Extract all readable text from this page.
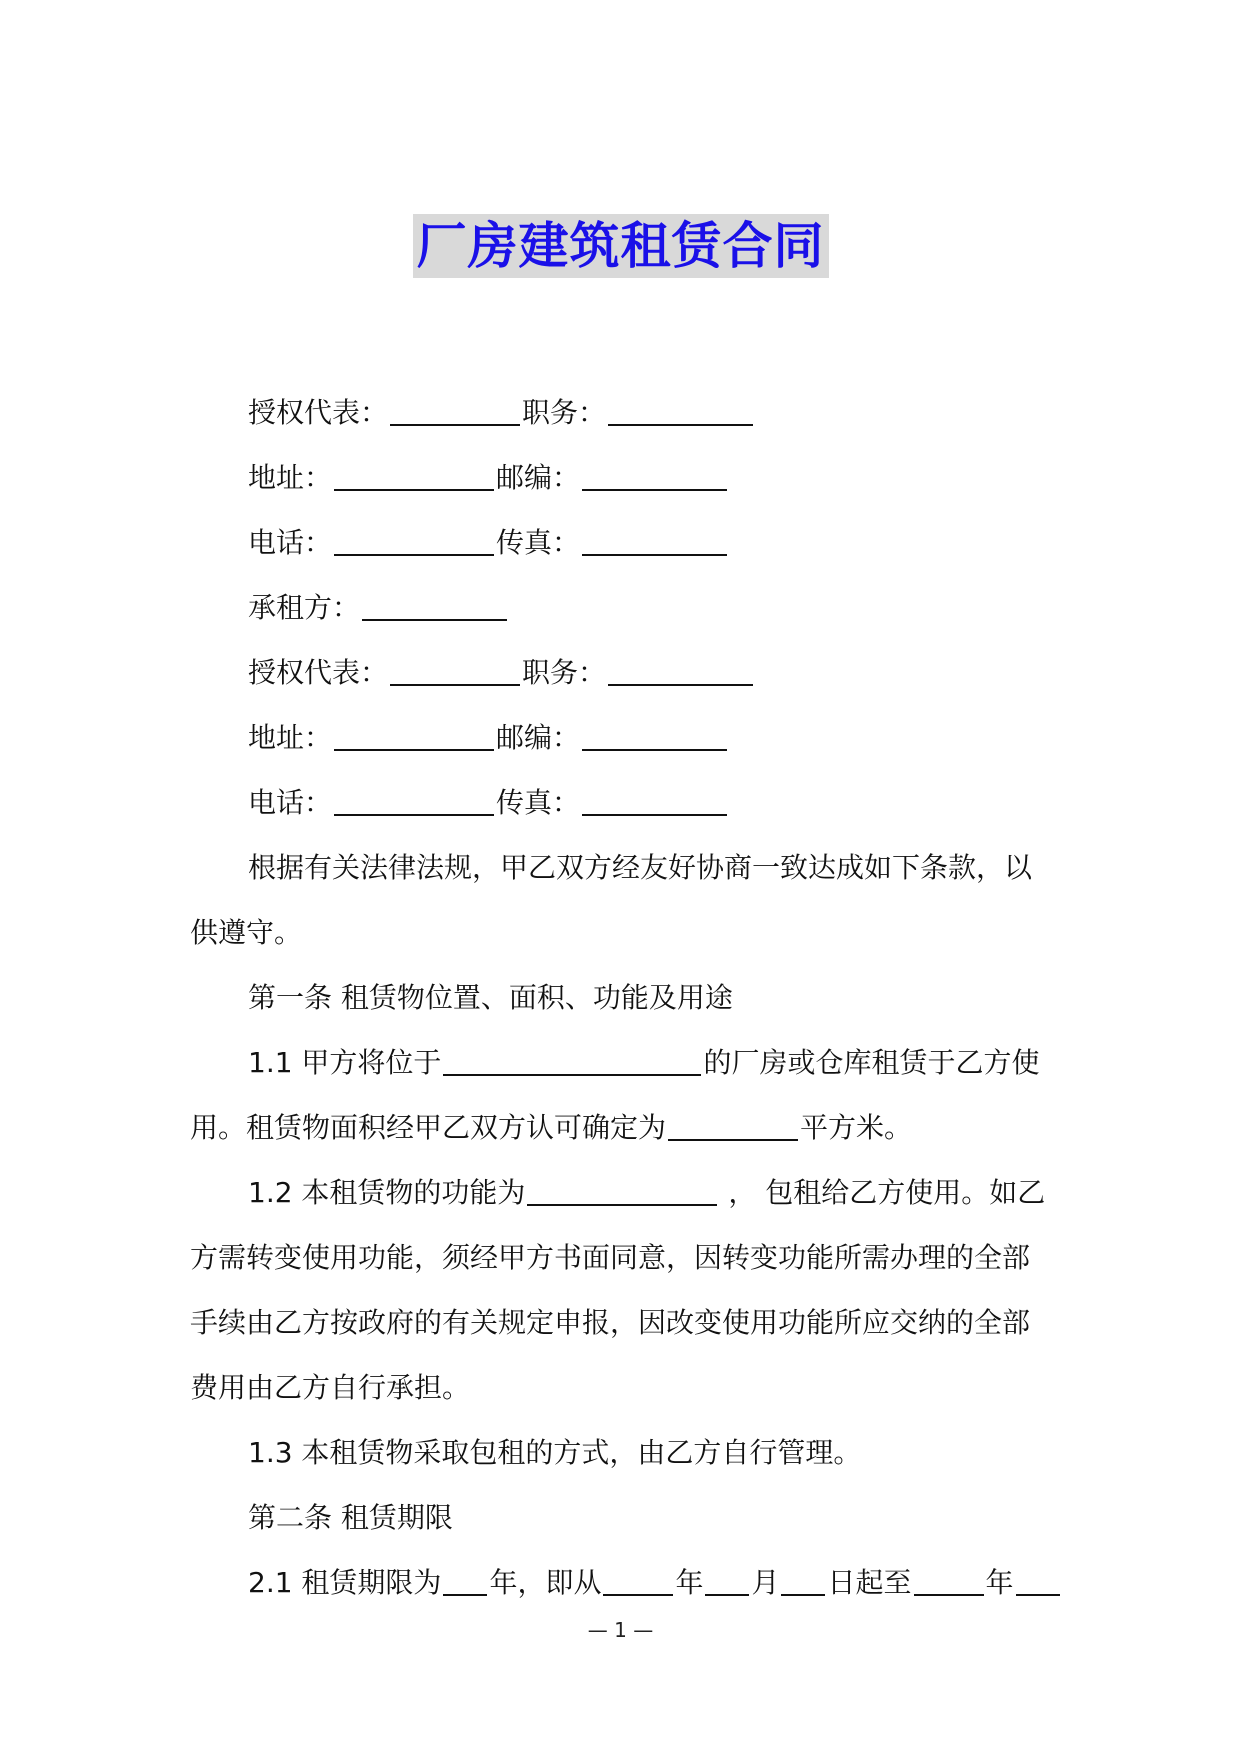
厂房建筑租赁合同
授权代表：	职务：
地址：	邮编：
电话：	传真：
承租方：
授权代表：	职务：
地址：	邮编：
电话：	传真：
根据有关法律法规，甲乙双方经友好协商一致达成如下条款，以
供遵守。
第一条 租赁物位置、面积、功能及用途
1.1 甲方将位于	的厂房或仓库租赁于乙方使
用。租赁物面积经甲乙双方认可确定为	平方米。
1.2 本租赁物的功能为	， 包租给乙方使用。如乙
方需转变使用功能，须经甲方书面同意，因转变功能所需办理的全部
手续由乙方按政府的有关规定申报，因改变使用功能所应交纳的全部
费用由乙方自行承担。
1.3 本租赁物采取包租的方式，由乙方自行管理。
第二条 租赁期限
2.1 租赁期限为 年，即从	年 月 日起至	年
— 1 —
